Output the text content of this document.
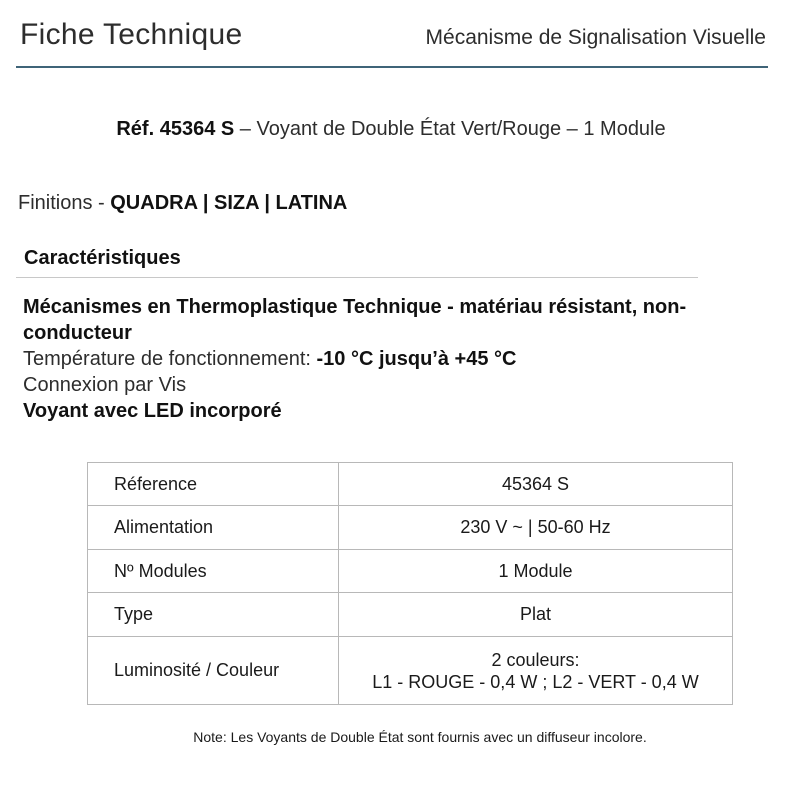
Fiche Technique	Mécanisme de Signalisation Visuelle
Réf. 45364 S – Voyant de Double État Vert/Rouge – 1 Module
Finitions - QUADRA | SIZA | LATINA
Caractéristiques
Mécanismes en Thermoplastique Technique - matériau résistant, non-conducteur
Température de fonctionnement: -10 °C jusqu’à +45 °C
Connexion par Vis
Voyant avec LED incorporé
Réference	45364 S
Alimentation	230 V ~ | 50-60 Hz
Nº Modules	1 Module
Type	Plat
Luminosité / Couleur	2 couleurs:
L1 - ROUGE - 0,4 W ; L2 - VERT - 0,4 W
Note: Les Voyants de Double État sont fournis avec un diffuseur incolore.
